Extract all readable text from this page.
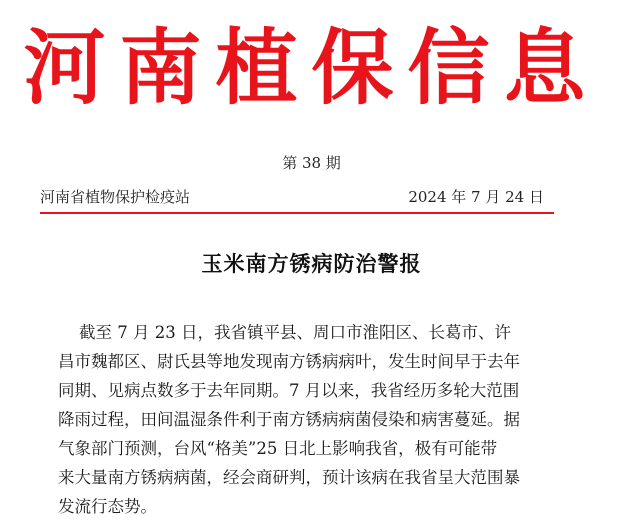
河南植保信息
第 38 期
河南省植物保护检疫站	2024 年 7 月 24 日
玉米南方锈病防治警报

截至 7 月 23 日，我省镇平县、周口市淮阳区、长葛市、许
昌市魏都区、尉氏县等地发现南方锈病病叶，发生时间早于去年
同期、见病点数多于去年同期。7 月以来，我省经历多轮大范围
降雨过程，田间温湿条件利于南方锈病病菌侵染和病害蔓延。据
气象部门预测，台风“格美”25 日北上影响我省，极有可能带
来大量南方锈病病菌，经会商研判，预计该病在我省呈大范围暴
发流行态势。
